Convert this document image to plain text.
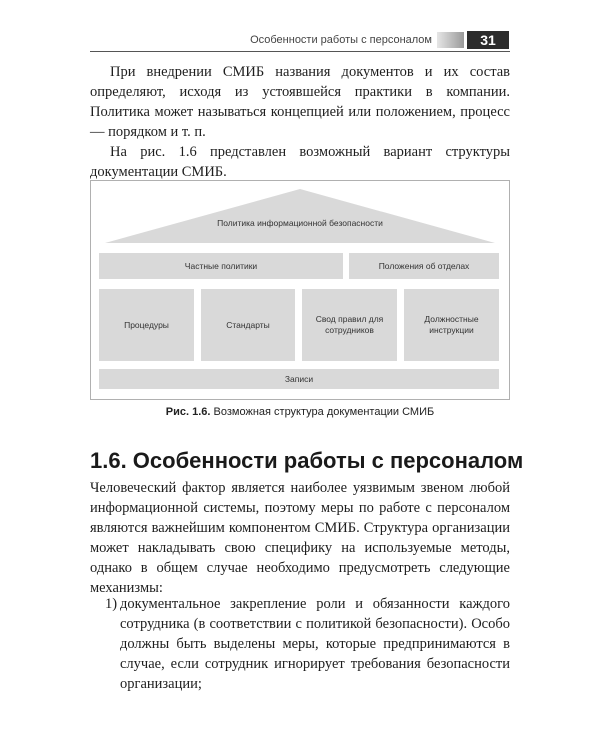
Особенности работы с персоналом	31

При внедрении СМИБ названия документов и их состав определяют, исходя из устоявшейся практики в компании. Политика может называться концепцией или положением, процесс — порядком и т. п.

На рис. 1.6 представлен возможный вариант структуры документации СМИБ.

Политика информационной безопасности
Частные политики	Положения об отделах
Процедуры	Стандарты
Свод правил для сотрудников
Должностные инструкции
Записи
Рис. 1.6. Возможная структура документации СМИБ
1.6. Особенности работы с персоналом

Человеческий фактор является наиболее уязвимым звеном любой информационной системы, поэтому меры по работе с персоналом являются важнейшим компонентом СМИБ. Структура организации может накладывать свою специфику на используемые методы, однако в общем случае необходимо предусмотреть следующие механизмы:

1) документальное закрепление роли и обязанности каждого сотрудника (в соответствии с политикой безопасности). Особо должны быть выделены меры, которые предпринимаются в случае, если сотрудник игнорирует требования безопасности организации;
